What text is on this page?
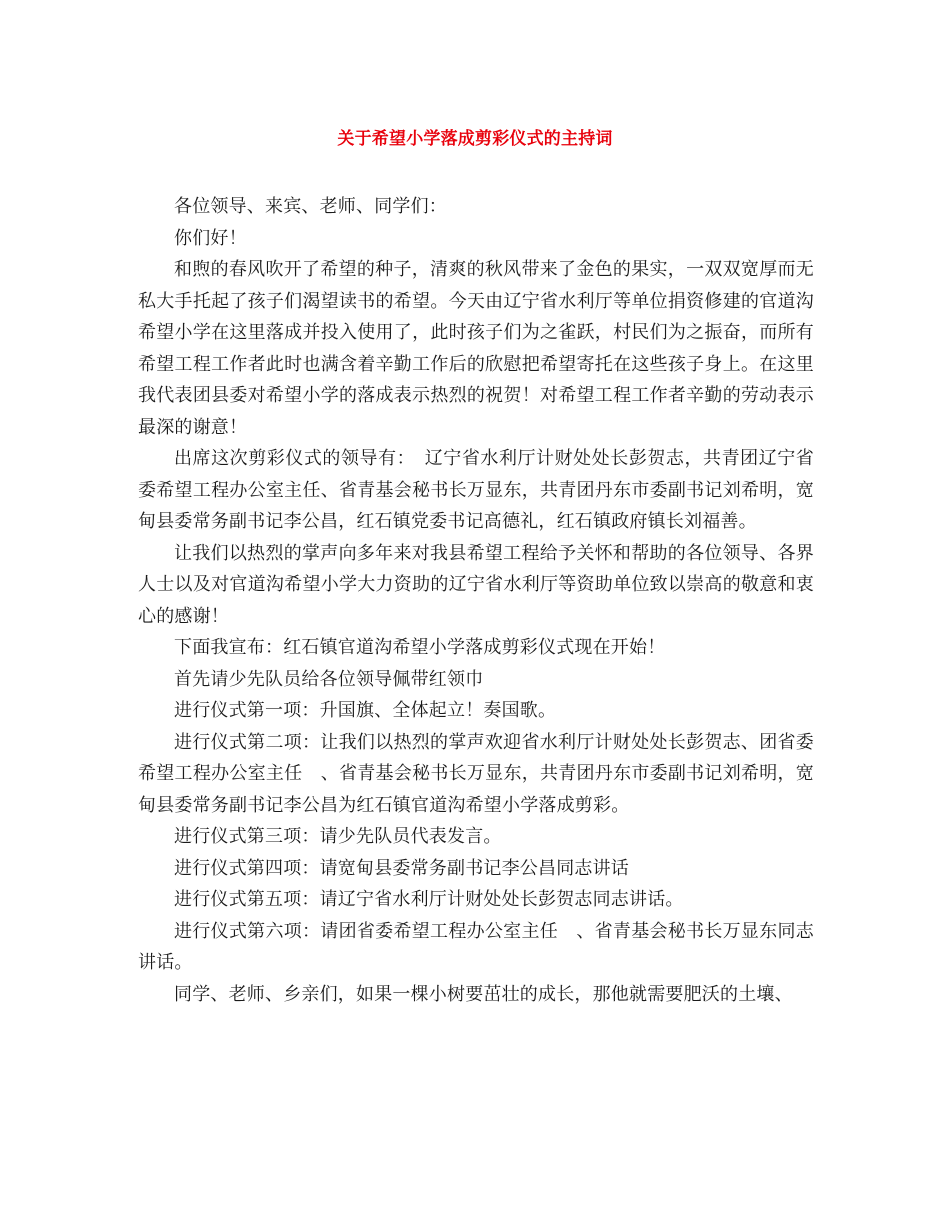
关于希望小学落成剪彩仪式的主持词

各位领导、来宾、老师、同学们：

你们好！

和煦的春风吹开了希望的种子，清爽的秋风带来了金色的果实，一双双宽厚而无私大手托起了孩子们渴望读书的希望。今天由辽宁省水利厅等单位捐资修建的官道沟希望小学在这里落成并投入使用了，此时孩子们为之雀跃，村民们为之振奋，而所有希望工程工作者此时也满含着辛勤工作后的欣慰把希望寄托在这些孩子身上。在这里我代表团县委对希望小学的落成表示热烈的祝贺！对希望工程工作者辛勤的劳动表示最深的谢意！

出席这次剪彩仪式的领导有：　辽宁省水利厅计财处处长彭贺志，共青团辽宁省委希望工程办公室主任、省青基会秘书长万显东，共青团丹东市委副书记刘希明，宽甸县委常务副书记李公昌，红石镇党委书记高德礼，红石镇政府镇长刘福善。

让我们以热烈的掌声向多年来对我县希望工程给予关怀和帮助的各位领导、各界人士以及对官道沟希望小学大力资助的辽宁省水利厅等资助单位致以崇高的敬意和衷心的感谢！

下面我宣布：红石镇官道沟希望小学落成剪彩仪式现在开始！

首先请少先队员给各位领导佩带红领巾

进行仪式第一项：升国旗、全体起立！奏国歌。

进行仪式第二项：让我们以热烈的掌声欢迎省水利厅计财处处长彭贺志、团省委希望工程办公室主任　、省青基会秘书长万显东，共青团丹东市委副书记刘希明，宽甸县委常务副书记李公昌为红石镇官道沟希望小学落成剪彩。

进行仪式第三项：请少先队员代表发言。

进行仪式第四项：请宽甸县委常务副书记李公昌同志讲话

进行仪式第五项：请辽宁省水利厅计财处处长彭贺志同志讲话。

进行仪式第六项：请团省委希望工程办公室主任　、省青基会秘书长万显东同志讲话。

同学、老师、乡亲们，如果一棵小树要茁壮的成长，那他就需要肥沃的土壤、
